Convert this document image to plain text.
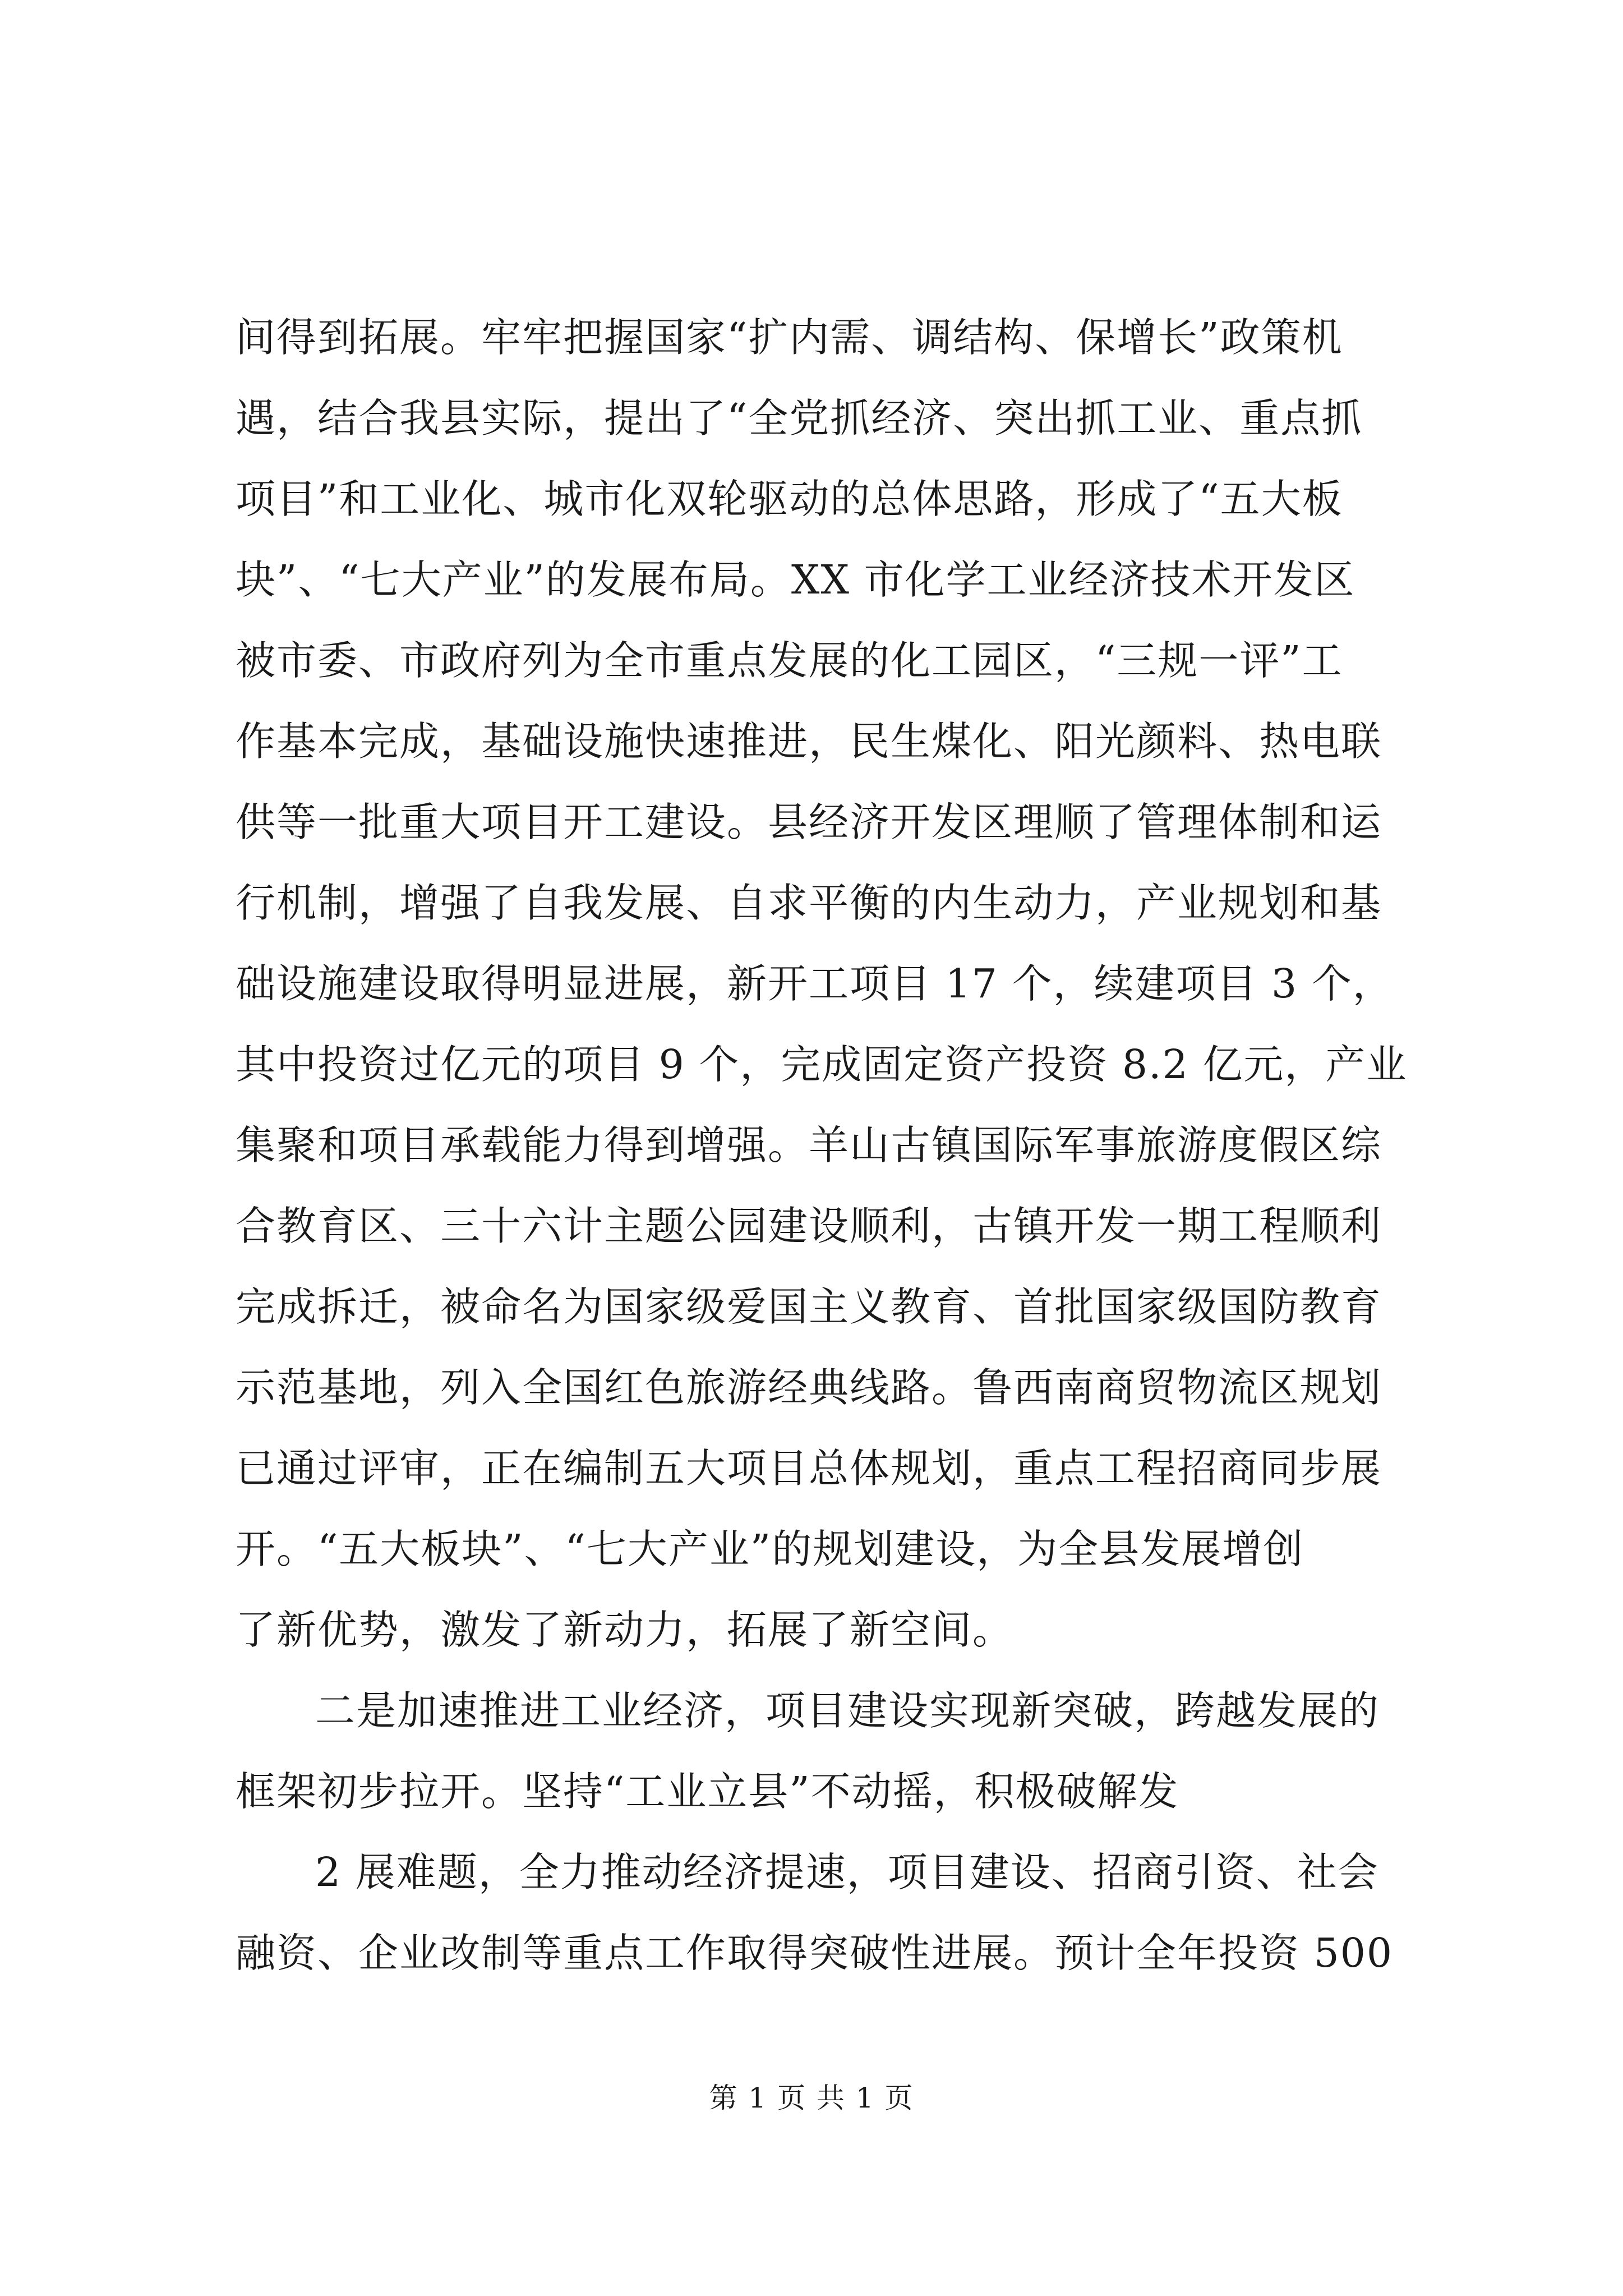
间得到拓展。牢牢把握国家“扩内需、调结构、保增长”政策机
遇，结合我县实际，提出了“全党抓经济、突出抓工业、重点抓
项目”和工业化、城市化双轮驱动的总体思路，形成了“五大板
块”、“七大产业”的发展布局。XX 市化学工业经济技术开发区
被市委、市政府列为全市重点发展的化工园区，“三规一评”工
作基本完成，基础设施快速推进，民生煤化、阳光颜料、热电联
供等一批重大项目开工建设。县经济开发区理顺了管理体制和运
行机制，增强了自我发展、自求平衡的内生动力，产业规划和基
础设施建设取得明显进展，新开工项目 17 个，续建项目 3 个，
其中投资过亿元的项目 9 个，完成固定资产投资 8.2 亿元，产业
集聚和项目承载能力得到增强。羊山古镇国际军事旅游度假区综
合教育区、三十六计主题公园建设顺利，古镇开发一期工程顺利
完成拆迁，被命名为国家级爱国主义教育、首批国家级国防教育
示范基地，列入全国红色旅游经典线路。鲁西南商贸物流区规划
已通过评审，正在编制五大项目总体规划，重点工程招商同步展
开。“五大板块”、“七大产业”的规划建设，为全县发展增创
了新优势，激发了新动力，拓展了新空间。
二是加速推进工业经济，项目建设实现新突破，跨越发展的
框架初步拉开。坚持“工业立县”不动摇，积极破解发
2 展难题，全力推动经济提速，项目建设、招商引资、社会
融资、企业改制等重点工作取得突破性进展。预计全年投资 500
第 1 页 共 1 页
